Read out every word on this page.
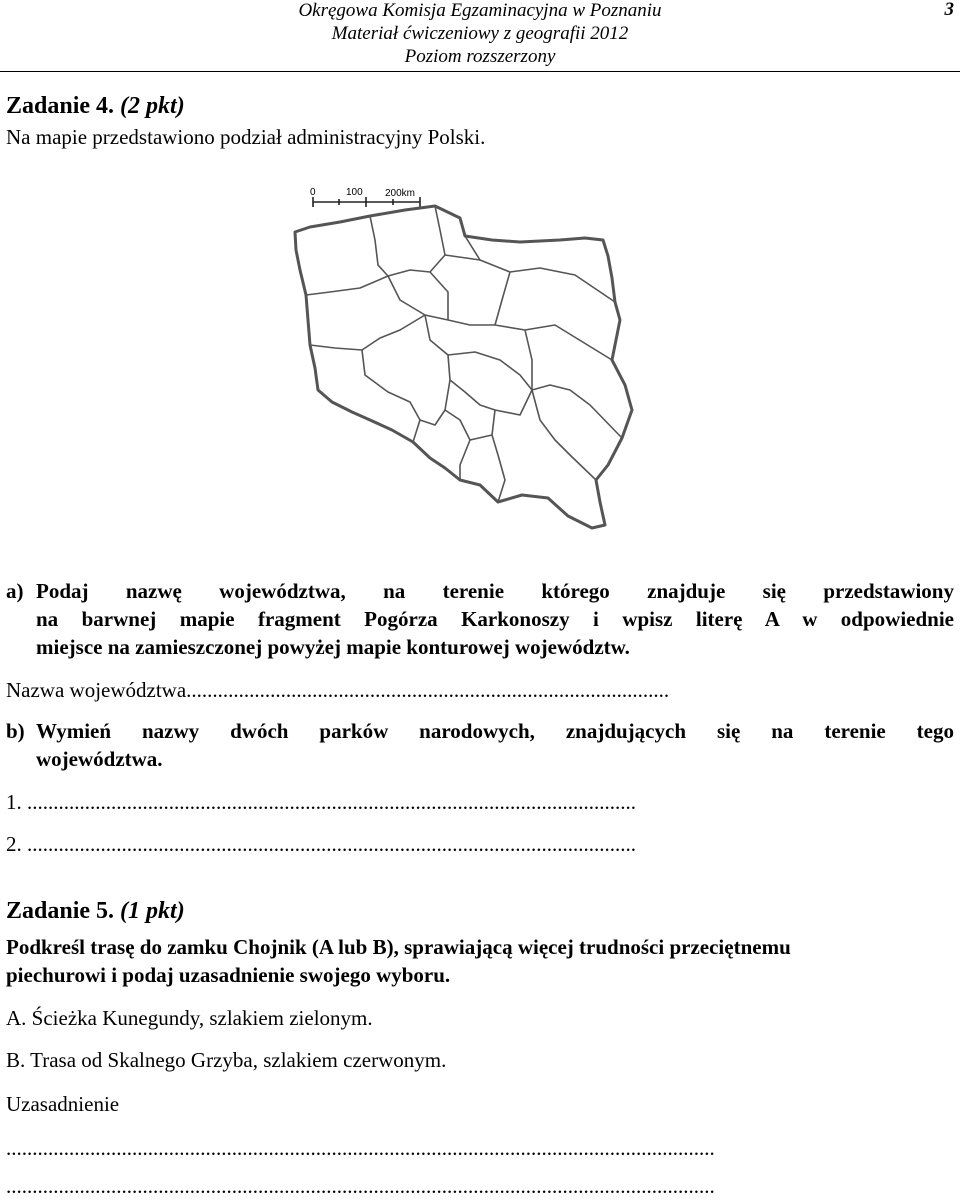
Okręgowa Komisja Egzaminacyjna w Poznaniu
Materiał ćwiczeniowy z geografii 2012
Poziom rozszerzony
3
Zadanie 4. (2 pkt)
Na mapie przedstawiono podział administracyjny Polski.
0	100 200km
a) Podaj nazwę województwa, na terenie którego znajduje się przedstawiony
na barwnej mapie fragment Pogórza Karkonoszy i wpisz literę A w odpowiednie
miejsce na zamieszczonej powyżej mapie konturowej województw.
Nazwa województwa............................................................................................
b) Wymień nazwy dwóch parków narodowych, znajdujących się na terenie tego
województwa.
1. ....................................................................................................................
2. ....................................................................................................................
Zadanie 5. (1 pkt)
Podkreśl trasę do zamku Chojnik (A lub B), sprawiającą więcej trudności przeciętnemu
piechurowi i podaj uzasadnienie swojego wyboru.
A. Ścieżka Kunegundy, szlakiem zielonym.
B. Trasa od Skalnego Grzyba, szlakiem czerwonym.
Uzasadnienie
.......................................................................................................................................
.......................................................................................................................................
